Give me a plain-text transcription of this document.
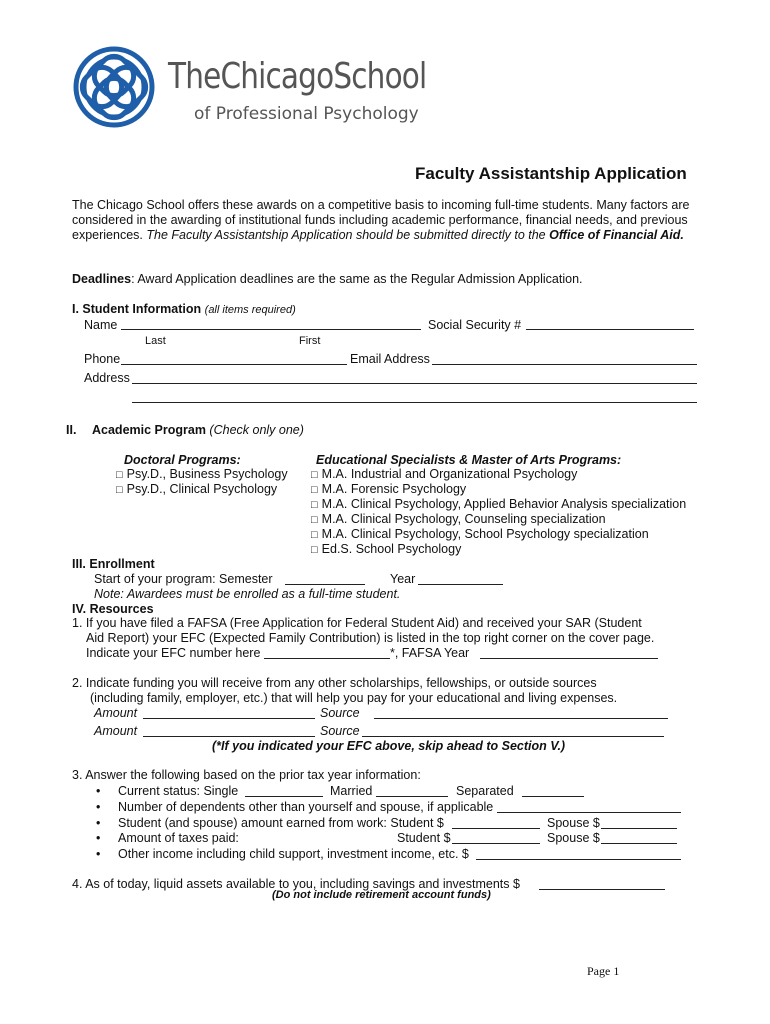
TheChicagoSchool
of Professional Psychology
Faculty Assistantship Application
The Chicago School offers these awards on a competitive basis to incoming full-time students. Many factors are considered in the awarding of institutional funds including academic performance, financial needs, and previous experiences. The Faculty Assistantship Application should be submitted directly to the Office of Financial Aid.
Deadlines: Award Application deadlines are the same as the Regular Admission Application.
I. Student Information (all items required)
Name	Social Security #
Last	First
Phone	Email Address
Address
II. Academic Program (Check only one)
Doctoral Programs:
□ Psy.D., Business Psychology
□ Psy.D., Clinical Psychology
Educational Specialists & Master of Arts Programs:
□ M.A. Industrial and Organizational Psychology
□ M.A. Forensic Psychology
□ M.A. Clinical Psychology, Applied Behavior Analysis specialization
□ M.A. Clinical Psychology, Counseling specialization
□ M.A. Clinical Psychology, School Psychology specialization
□ Ed.S. School Psychology
III. Enrollment
Start of your program: Semester	Year
Note: Awardees must be enrolled as a full-time student.
IV. Resources
1. If you have filed a FAFSA (Free Application for Federal Student Aid) and received your SAR (Student
Aid Report) your EFC (Expected Family Contribution) is listed in the top right corner on the cover page.
Indicate your EFC number here	*, FAFSA Year
2. Indicate funding you will receive from any other scholarships, fellowships, or outside sources
(including family, employer, etc.) that will help you pay for your educational and living expenses.
Amount	Source
Amount	Source
(*If you indicated your EFC above, skip ahead to Section V.)
3. Answer the following based on the prior tax year information:
• Current status: Single	Married	Separated
• Number of dependents other than yourself and spouse, if applicable
• Student (and spouse) amount earned from work: Student $	Spouse $
• Amount of taxes paid:	Student $	Spouse $
• Other income including child support, investment income, etc. $
4. As of today, liquid assets available to you, including savings and investments $
(Do not include retirement account funds)
Page 1
